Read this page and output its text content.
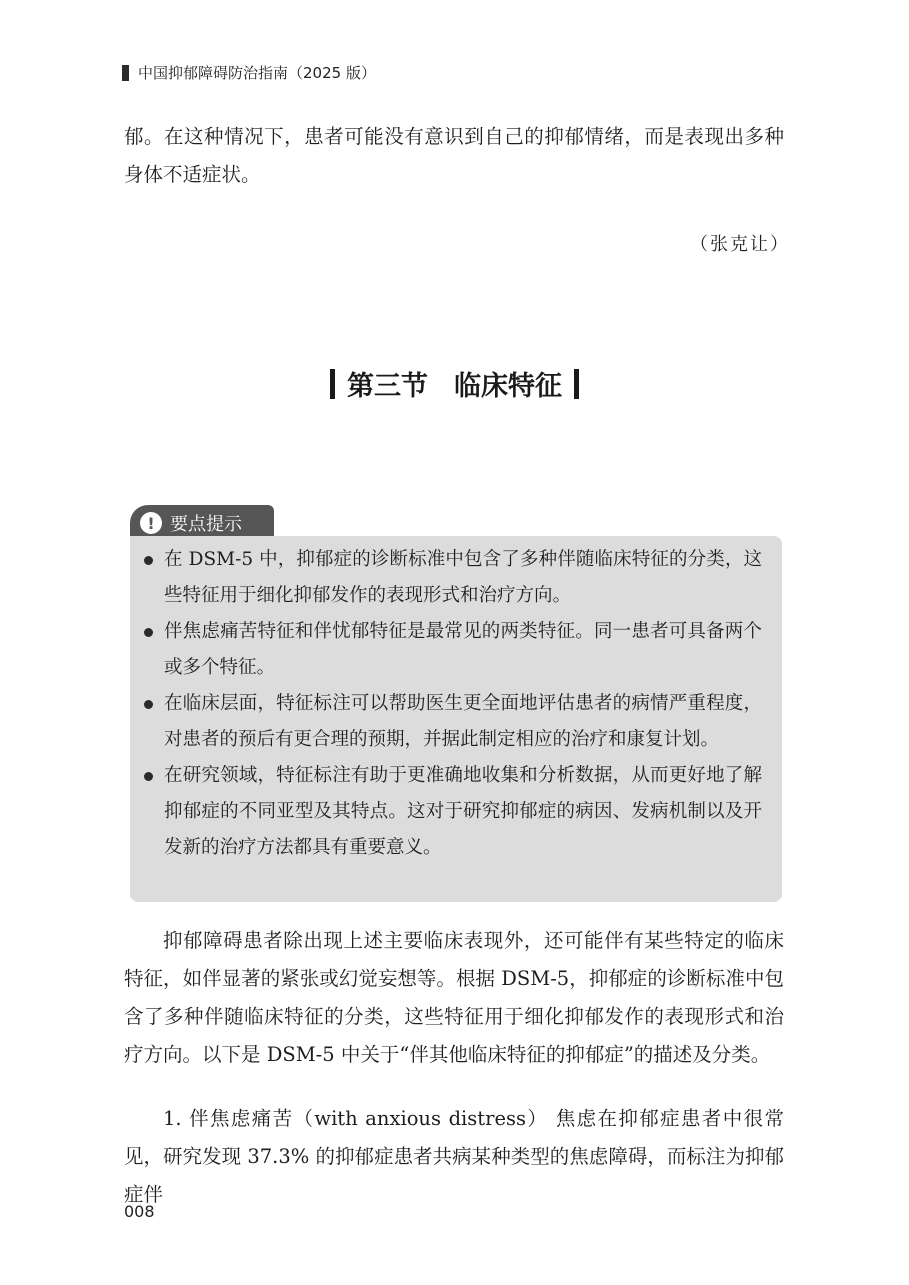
中国抑郁障碍防治指南（2025 版）

郁。在这种情况下，患者可能没有意识到自己的抑郁情绪，而是表现出多种身体不适症状。

（张克让）
第三节 临床特征
! 要点提示
在 DSM-5 中，抑郁症的诊断标准中包含了多种伴随临床特征的分类，这些特征用于细化抑郁发作的表现形式和治疗方向。
伴焦虑痛苦特征和伴忧郁特征是最常见的两类特征。同一患者可具备两个或多个特征。
在临床层面，特征标注可以帮助医生更全面地评估患者的病情严重程度，对患者的预后有更合理的预期，并据此制定相应的治疗和康复计划。
在研究领域，特征标注有助于更准确地收集和分析数据，从而更好地了解抑郁症的不同亚型及其特点。这对于研究抑郁症的病因、发病机制以及开发新的治疗方法都具有重要意义。

抑郁障碍患者除出现上述主要临床表现外，还可能伴有某些特定的临床特征，如伴显著的紧张或幻觉妄想等。根据 DSM-5，抑郁症的诊断标准中包含了多种伴随临床特征的分类，这些特征用于细化抑郁发作的表现形式和治疗方向。以下是 DSM-5 中关于“伴其他临床特征的抑郁症”的描述及分类。

1. 伴焦虑痛苦（with anxious distress） 焦虑在抑郁症患者中很常见，研究发现 37.3% 的抑郁症患者共病某种类型的焦虑障碍，而标注为抑郁症伴

008
